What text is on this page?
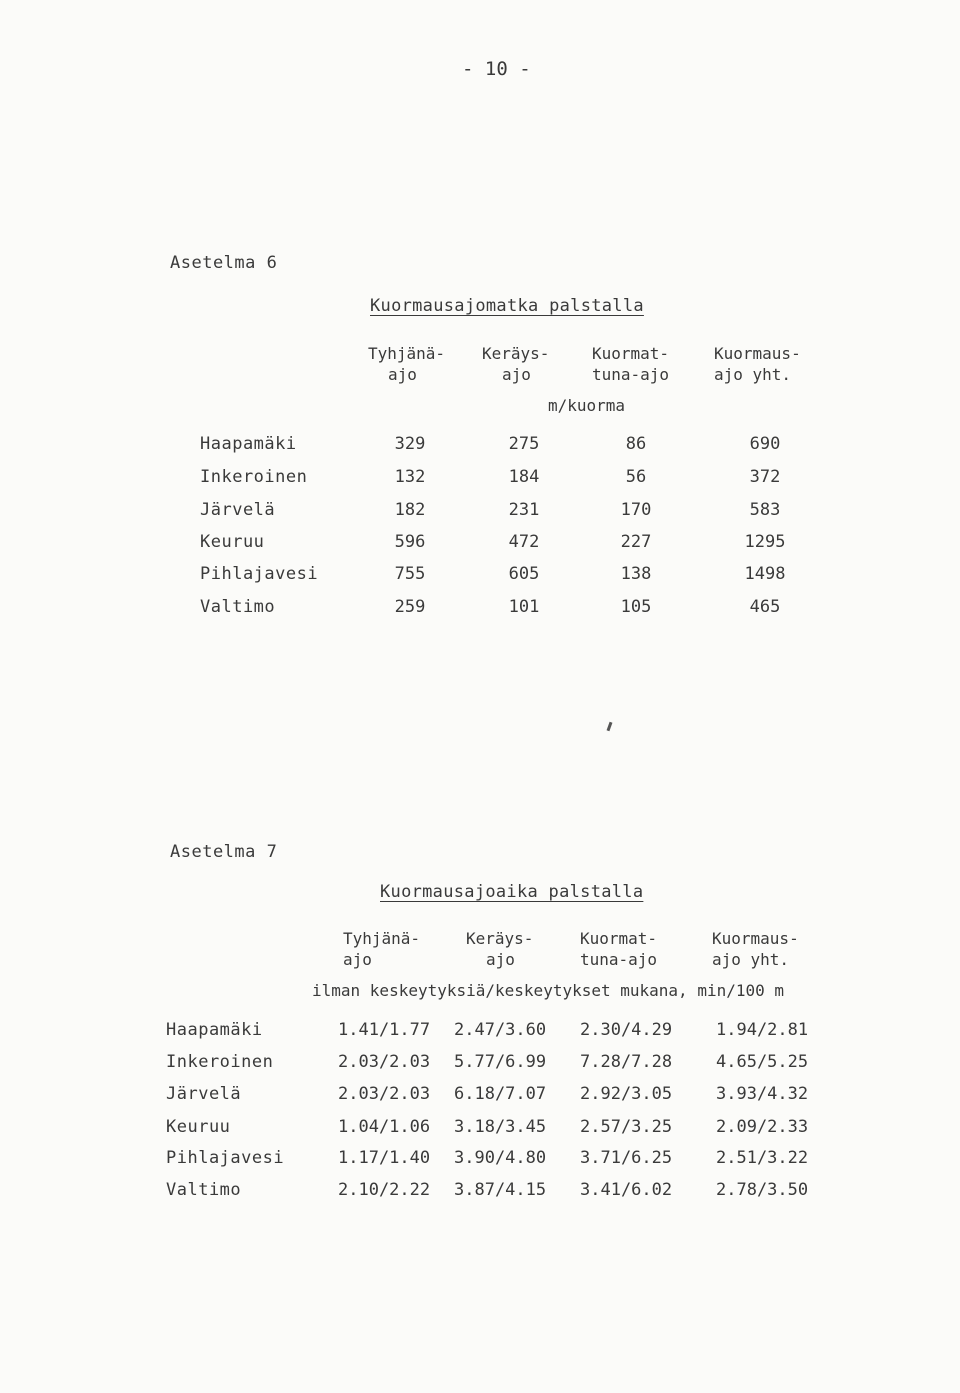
- 10 -
Asetelma 6
Kuormausajomatka palstalla
Tyhjänä-
ajo
Keräys-
ajo
Kuormat-
tuna-ajo
Kuormaus-
ajo yht.
m/kuorma
Haapamäki	329	275	86	690
Inkeroinen	132	184	56	372
Järvelä	182	231	170	583
Keuruu	596	472	227	1295
Pihlajavesi	755	605	138	1498
Valtimo	259	101	105	465
Asetelma 7
Kuormausajoaika palstalla
Tyhjänä-
ajo
Keräys-
ajo
Kuormat-
tuna-ajo
Kuormaus-
ajo yht.
ilman keskeytyksiä/keskeytykset mukana, min/100 m
Haapamäki	1.41/1.77 2.47/3.60 2.30/4.29	1.94/2.81
Inkeroinen	2.03/2.03 5.77/6.99 7.28/7.28	4.65/5.25
Järvelä	2.03/2.03 6.18/7.07 2.92/3.05	3.93/4.32
Keuruu	1.04/1.06 3.18/3.45 2.57/3.25	2.09/2.33
Pihlajavesi	1.17/1.40 3.90/4.80 3.71/6.25	2.51/3.22
Valtimo	2.10/2.22 3.87/4.15 3.41/6.02	2.78/3.50
